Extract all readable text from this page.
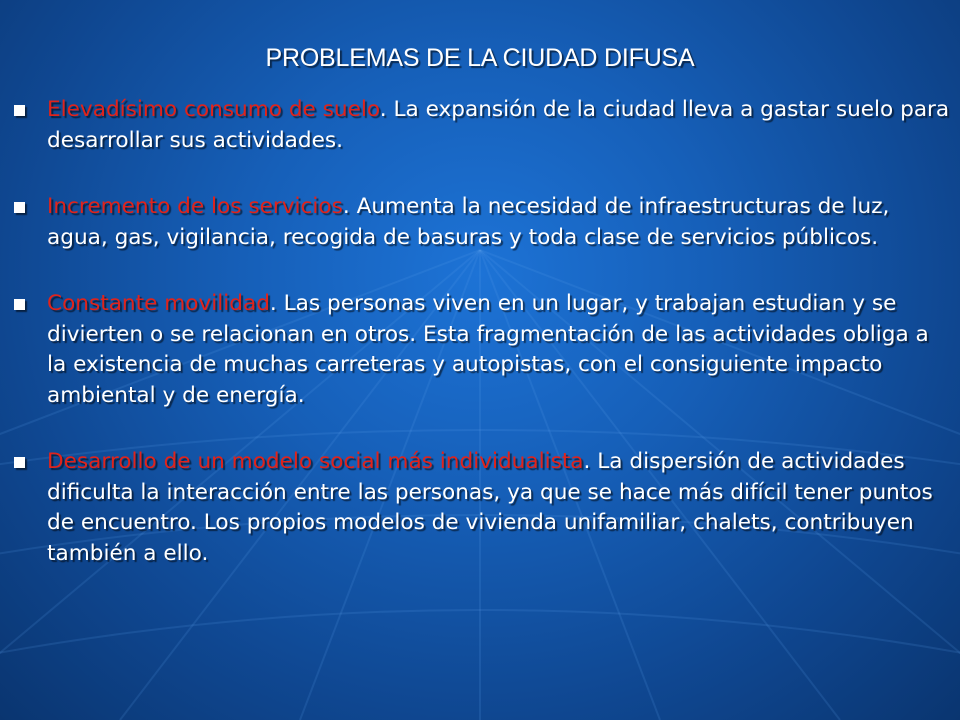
PROBLEMAS DE LA CIUDAD DIFUSA
Elevadísimo consumo de suelo. La expansión de la ciudad lleva a gastar suelo para desarrollar sus actividades.
Incremento de los servicios. Aumenta la necesidad de infraestructuras de luz, agua, gas, vigilancia, recogida de basuras y toda clase de servicios públicos.
Constante movilidad. Las personas viven en un lugar, y trabajan estudian y se divierten o se relacionan en otros. Esta fragmentación de las actividades obliga a la existencia de muchas carreteras y autopistas, con el consiguiente impacto ambiental y de energía.
Desarrollo de un modelo social más individualista. La dispersión de actividades dificulta la interacción entre las personas, ya que se hace más difícil tener puntos de encuentro. Los propios modelos de vivienda unifamiliar, chalets, contribuyen también a ello.
